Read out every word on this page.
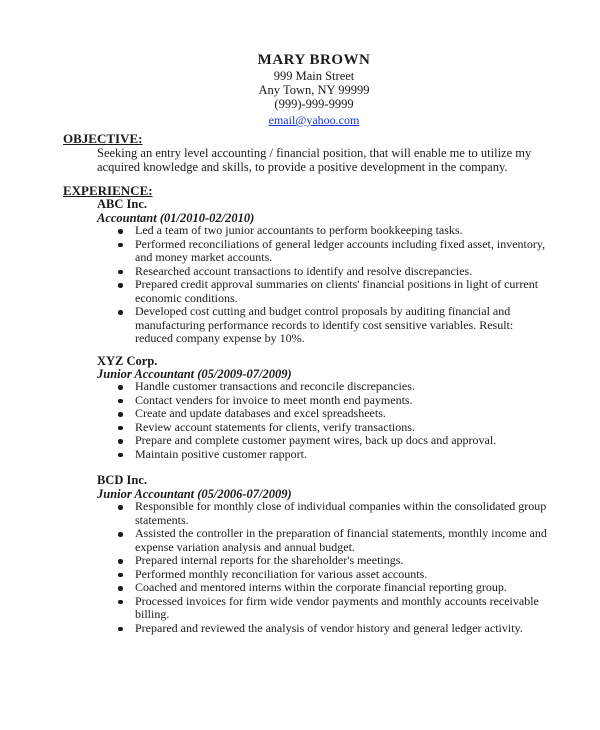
MARY BROWN
999 Main Street
Any Town, NY 99999
(999)-999-9999
email@yahoo.com
OBJECTIVE:
Seeking an entry level accounting / financial position, that will enable me to utilize my acquired knowledge and skills, to provide a positive development in the company.
EXPERIENCE:
ABC Inc.
Accountant (01/2010-02/2010)
Led a team of two junior accountants to perform bookkeeping tasks.
Performed reconciliations of general ledger accounts including fixed asset, inventory, and money market accounts.
Researched account transactions to identify and resolve discrepancies.
Prepared credit approval summaries on clients' financial positions in light of current economic conditions.
Developed cost cutting and budget control proposals by auditing financial and manufacturing performance records to identify cost sensitive variables. Result: reduced company expense by 10%.
XYZ Corp.
Junior Accountant (05/2009-07/2009)
Handle customer transactions and reconcile discrepancies.
Contact venders for invoice to meet month end payments.
Create and update databases and excel spreadsheets.
Review account statements for clients, verify transactions.
Prepare and complete customer payment wires, back up docs and approval.
Maintain positive customer rapport.
BCD Inc.
Junior Accountant (05/2006-07/2009)
Responsible for monthly close of individual companies within the consolidated group statements.
Assisted the controller in the preparation of financial statements, monthly income and expense variation analysis and annual budget.
Prepared internal reports for the shareholder's meetings.
Performed monthly reconciliation for various asset accounts.
Coached and mentored interns within the corporate financial reporting group.
Processed invoices for firm wide vendor payments and monthly accounts receivable billing.
Prepared and reviewed the analysis of vendor history and general ledger activity.
